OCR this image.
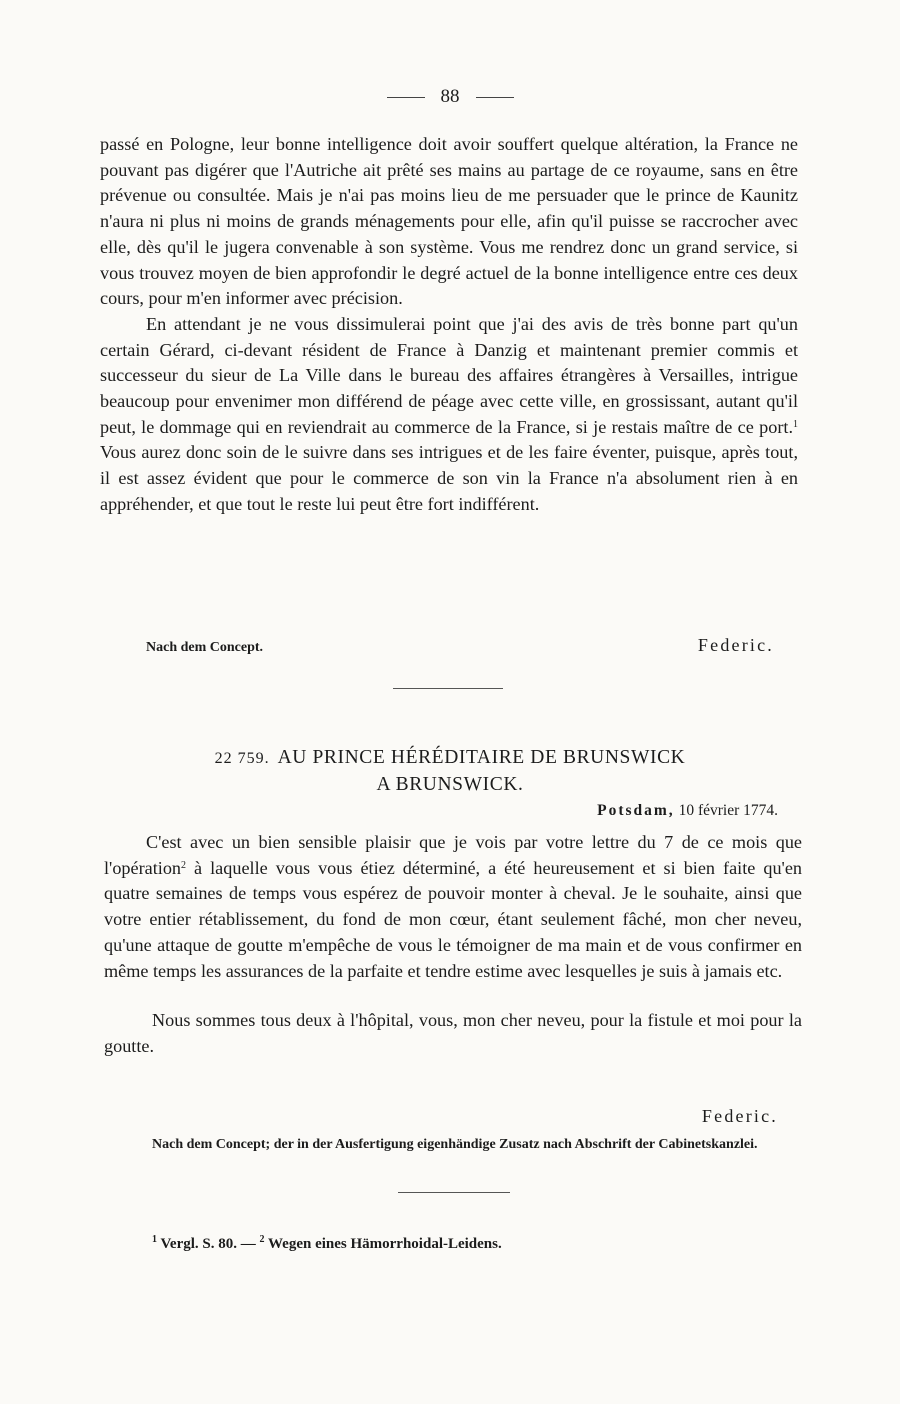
88

passé en Pologne, leur bonne intelligence doit avoir souffert quelque altération, la France ne pouvant pas digérer que l'Autriche ait prêté ses mains au partage de ce royaume, sans en être prévenue ou consultée. Mais je n'ai pas moins lieu de me persuader que le prince de Kaunitz n'aura ni plus ni moins de grands ménagements pour elle, afin qu'il puisse se raccrocher avec elle, dès qu'il le jugera convenable à son système. Vous me rendrez donc un grand service, si vous trouvez moyen de bien approfondir le degré actuel de la bonne intelligence entre ces deux cours, pour m'en informer avec précision.

En attendant je ne vous dissimulerai point que j'ai des avis de très bonne part qu'un certain Gérard, ci-devant résident de France à Danzig et maintenant premier commis et successeur du sieur de La Ville dans le bureau des affaires étrangères à Versailles, intrigue beaucoup pour envenimer mon différend de péage avec cette ville, en grossissant, autant qu'il peut, le dommage qui en reviendrait au commerce de la France, si je restais maître de ce port.$^1$ Vous aurez donc soin de le suivre dans ses intrigues et de les faire éventer, puisque, après tout, il est assez évident que pour le commerce de son vin la France n'a absolument rien à en appréhender, et que tout le reste lui peut être fort indifférent.

Nach dem Concept.	Federic.
22 759. AU PRINCE HÉRÉDITAIRE DE BRUNSWICK
A BRUNSWICK.
Potsdam, 10 février 1774.

C'est avec un bien sensible plaisir que je vois par votre lettre du 7 de ce mois que l'opération$^2$ à laquelle vous vous étiez déterminé, a été heureusement et si bien faite qu'en quatre semaines de temps vous espérez de pouvoir monter à cheval. Je le souhaite, ainsi que votre entier rétablissement, du fond de mon cœur, étant seulement fâché, mon cher neveu, qu'une attaque de goutte m'empêche de vous le témoigner de ma main et de vous confirmer en même temps les assurances de la parfaite et tendre estime avec lesquelles je suis à jamais etc.

Nous sommes tous deux à l'hôpital, vous, mon cher neveu, pour la fistule et moi pour la goutte.

Federic.
Nach dem Concept; der in der Ausfertigung eigenhändige Zusatz nach Abschrift der Cabinetskanzlei.
$^1$ Vergl. S. 80. — $^2$ Wegen eines Hämorrhoidal-Leidens.
